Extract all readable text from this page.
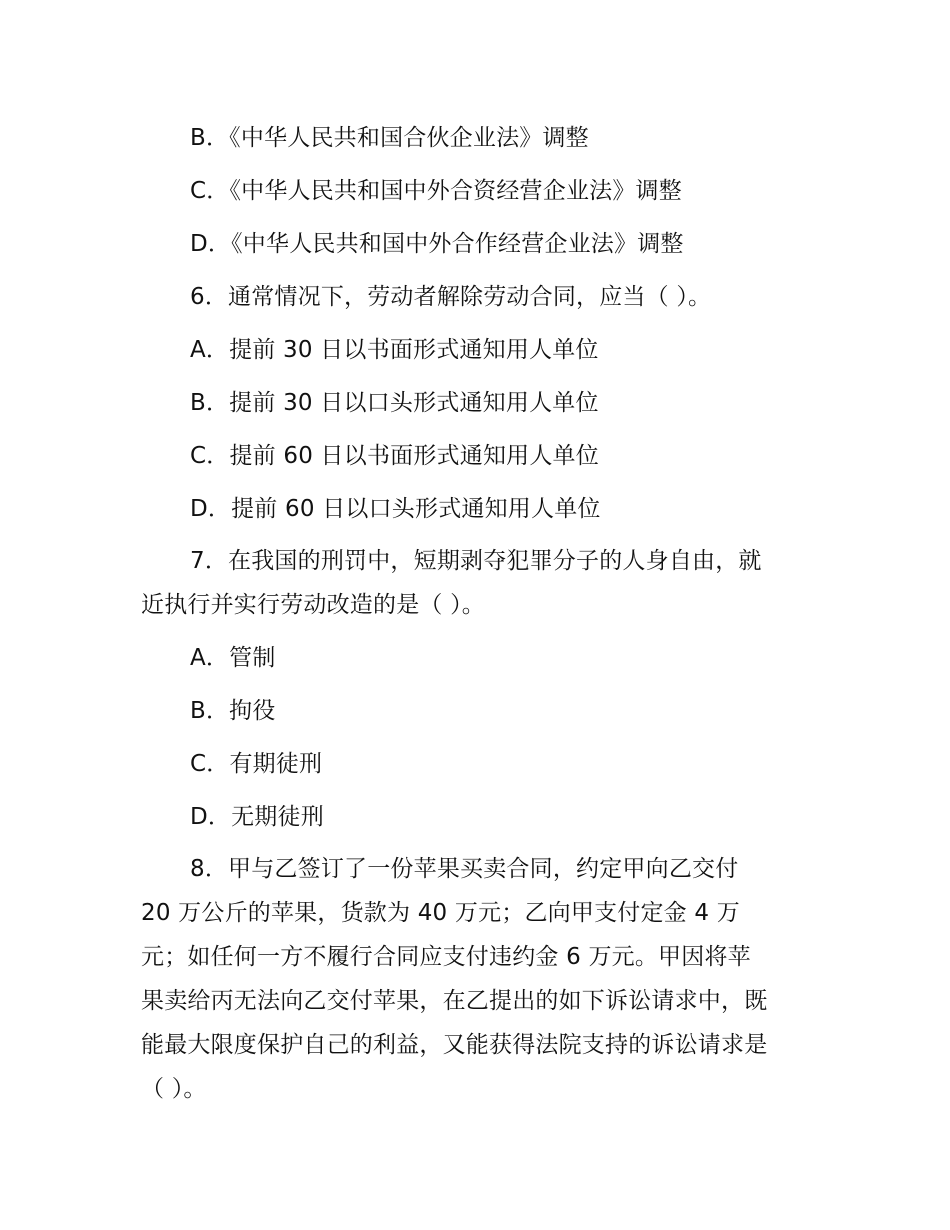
B．《中华人民共和国合伙企业法》调整
C．《中华人民共和国中外合资经营企业法》调整
D．《中华人民共和国中外合作经营企业法》调整
6．通常情况下，劳动者解除劳动合同，应当（ ）。
A．提前 30 日以书面形式通知用人单位
B．提前 30 日以口头形式通知用人单位
C．提前 60 日以书面形式通知用人单位
D．提前 60 日以口头形式通知用人单位
7．在我国的刑罚中，短期剥夺犯罪分子的人身自由，就
近执行并实行劳动改造的是（ ）。
A．管制
B．拘役
C．有期徒刑
D．无期徒刑
8．甲与乙签订了一份苹果买卖合同，约定甲向乙交付
20 万公斤的苹果，货款为 40 万元；乙向甲支付定金 4 万
元；如任何一方不履行合同应支付违约金 6 万元。甲因将苹
果卖给丙无法向乙交付苹果，在乙提出的如下诉讼请求中，既
能最大限度保护自己的利益，又能获得法院支持的诉讼请求是
（ ）。
